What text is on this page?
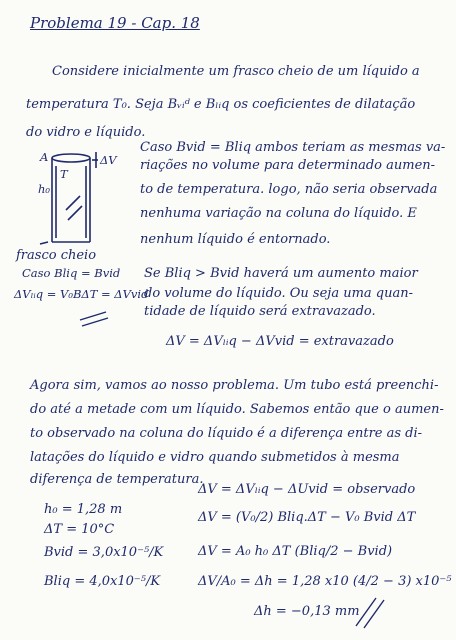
Problema 19 - Cap. 18
Considere inicialmente um frasco cheio de um líquido a
temperatura T₀. Seja Bᵥᵢᵈ e Bₗᵢq os coeficientes de dilatação
do vidro e líquido.
A
T
h₀
ΔV
Caso Bvid = Bliq ambos teriam as mesmas va-
riações no volume para determinado aumen-
to de temperatura. logo, não seria observada
nenhuma variação na coluna do líquido. E
nenhum líquido é entornado.
frasco cheio
Caso Bliq = Bvid
ΔVₗᵢq = V₀BΔT = ΔVvid
Se Bliq > Bvid haverá um aumento maior
do volume do líquido. Ou seja uma quan-
tidade de líquido será extravazado.
ΔV = ΔVₗᵢq − ΔVvid = extravazado
Agora sim, vamos ao nosso problema. Um tubo está preenchi-
do até a metade com um líquido. Sabemos então que o aumen-
to observado na coluna do líquido é a diferença entre as di-
latações do líquido e vidro quando submetidos à mesma
diferença de temperatura.
h₀ = 1,28 m
ΔT = 10°C
Bvid = 3,0x10⁻⁵/K
Bliq = 4,0x10⁻⁵/K
ΔV = ΔVₗᵢq − ΔUvid = observado
ΔV = (V₀/2) Bliq.ΔT − V₀ Bvid ΔT
ΔV = A₀ h₀ ΔT (Bliq/2 − Bvid)
ΔV/A₀ = Δh = 1,28 x10 (4/2 − 3) x10⁻⁵
Δh = −0,13 mm
